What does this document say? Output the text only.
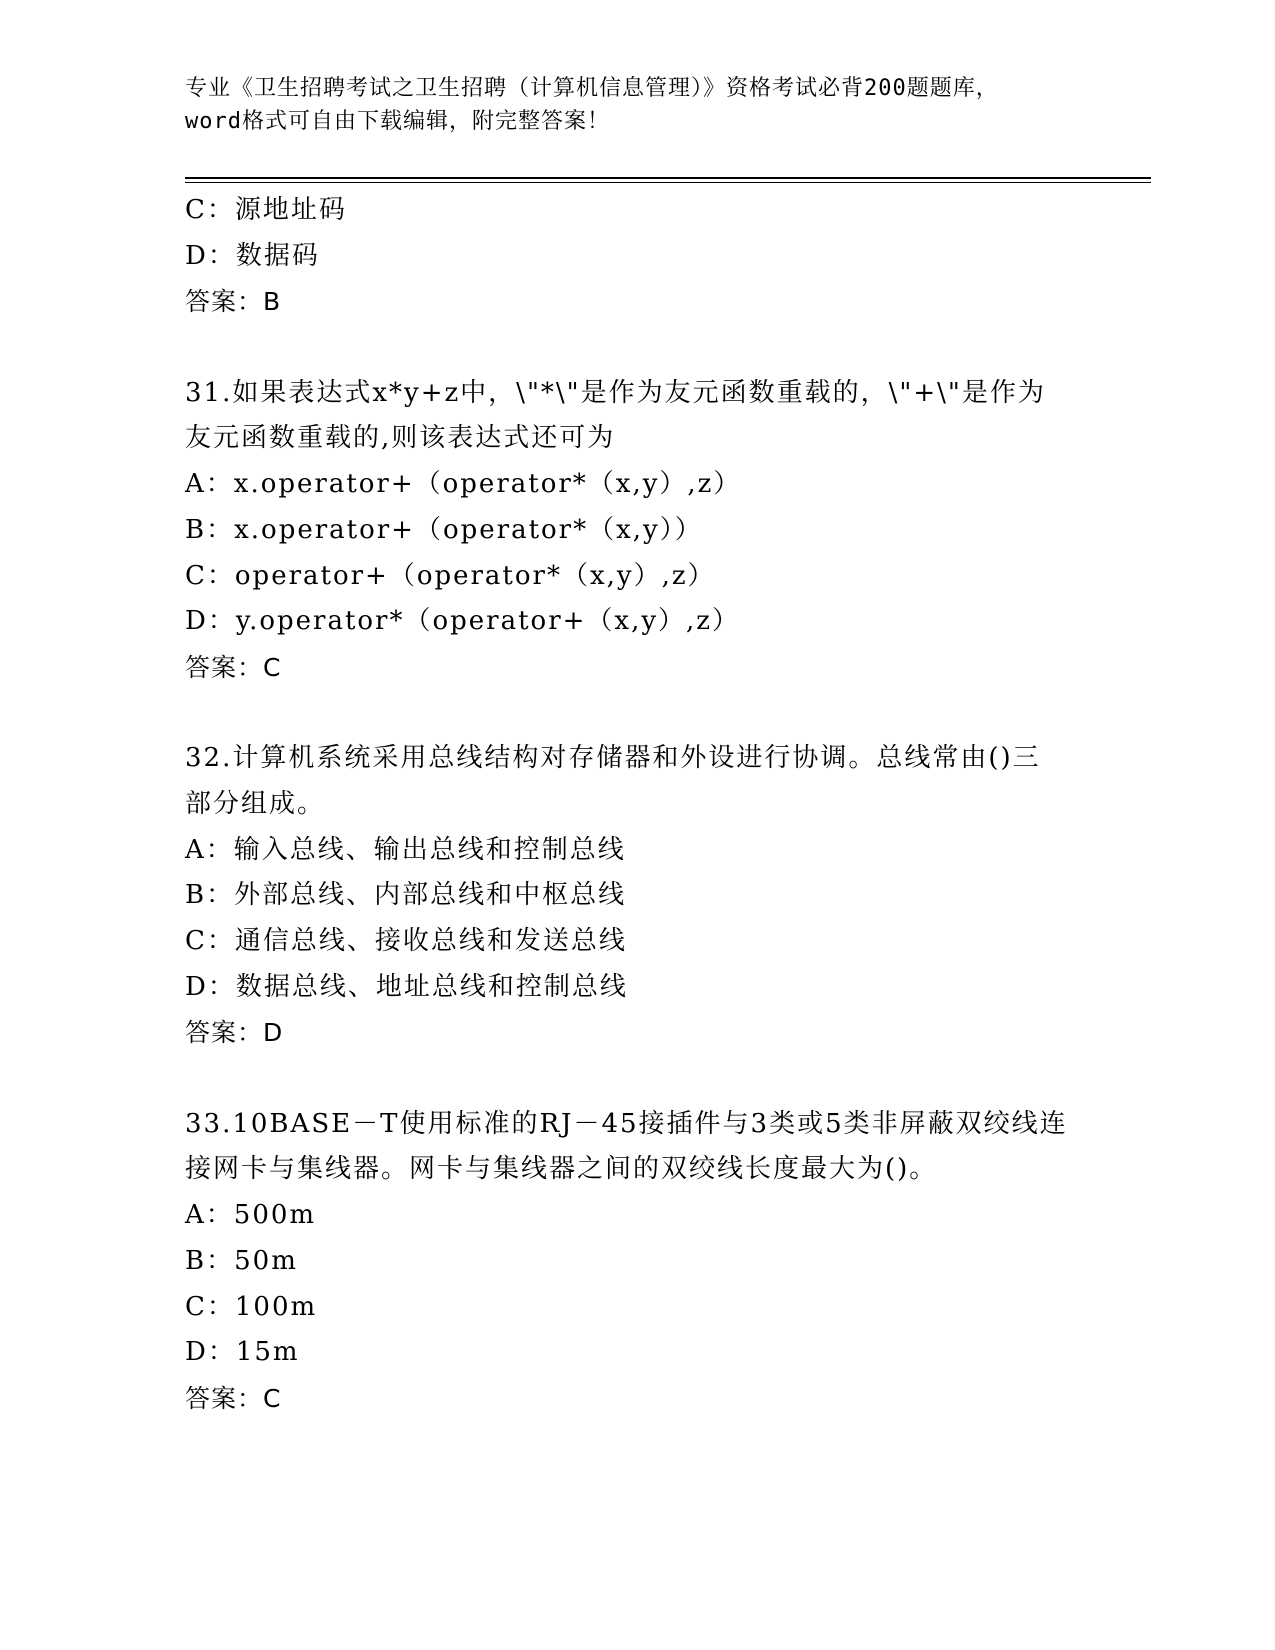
专业《卫生招聘考试之卫生招聘（计算机信息管理）》资格考试必背200题题库，
word格式可自由下载编辑，附完整答案！
C：源地址码
D：数据码
答案：B
31.如果表达式x*y+z中，\"*\"是作为友元函数重载的，\"+\"是作为
友元函数重载的,则该表达式还可为
A：x.operator+（operator*（x,y）,z）
B：x.operator+（operator*（x,y））
C：operator+（operator*（x,y）,z）
D：y.operator*（operator+（x,y）,z）
答案：C
32.计算机系统采用总线结构对存储器和外设进行协调。总线常由()三
部分组成。
A：输入总线、输出总线和控制总线
B：外部总线、内部总线和中枢总线
C：通信总线、接收总线和发送总线
D：数据总线、地址总线和控制总线
答案：D
33.10BASE－T使用标准的RJ－45接插件与3类或5类非屏蔽双绞线连
接网卡与集线器。网卡与集线器之间的双绞线长度最大为()。
A：500m
B：50m
C：100m
D：15m
答案：C
